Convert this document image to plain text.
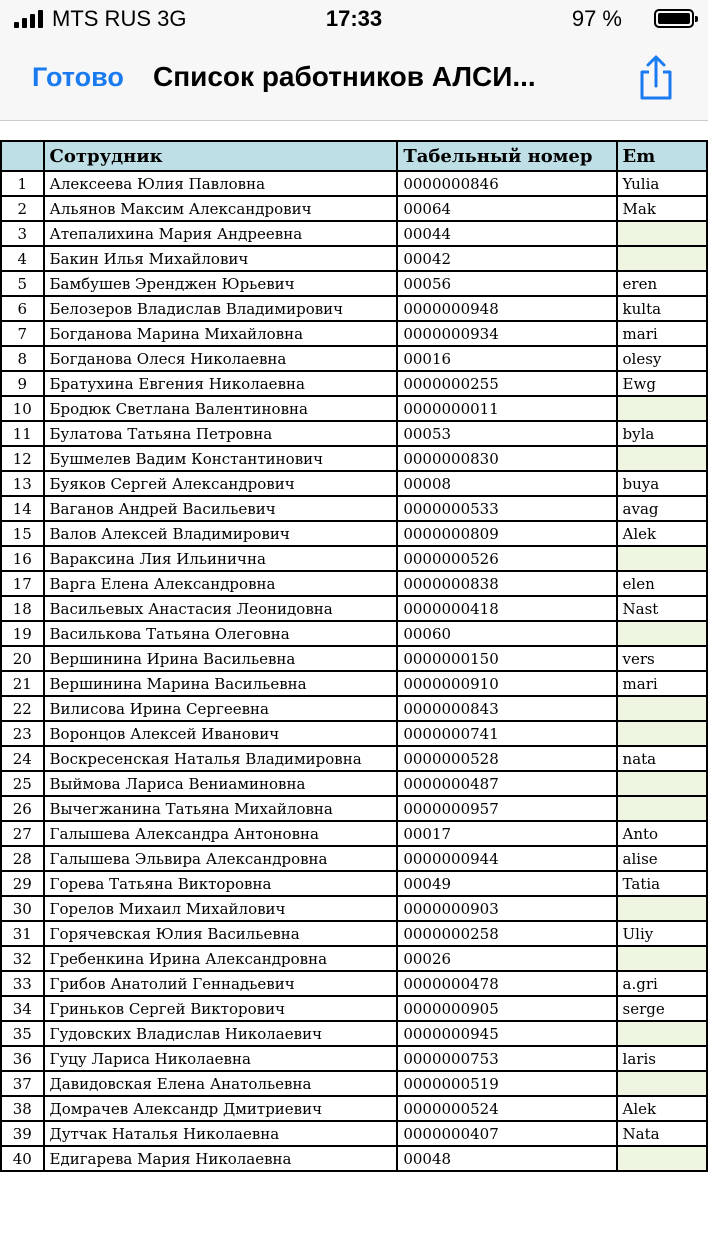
MTS RUS 3G	17:33	97 %
Готово Список работников АЛСИ...
	Сотрудник	Табельный номер	Em
1	Алексеева Юлия Павловна	0000000846	Yulia
2	Альянов Максим Александрович	00064	Mak
3	Атепалихина Мария Андреевна	00044	
4	Бакин Илья Михайлович	00042	
5	Бамбушев Эренджен Юрьевич	00056	eren
6	Белозеров Владислав Владимирович	0000000948	kulta
7	Богданова Марина Михайловна	0000000934	mari
8	Богданова Олеся Николаевна	00016	olesy
9	Братухина Евгения Николаевна	0000000255	Ewg
10	Бродюк Светлана Валентиновна	0000000011	
11	Булатова Татьяна Петровна	00053	byla
12	Бушмелев Вадим Константинович	0000000830	
13	Буяков Сергей Александрович	00008	buya
14	Ваганов Андрей Васильевич	0000000533	avag
15	Валов Алексей Владимирович	0000000809	Alek
16	Вараксина Лия Ильинична	0000000526	
17	Варга Елена Александровна	0000000838	elen
18	Васильевых Анастасия Леонидовна	0000000418	Nast
19	Василькова Татьяна Олеговна	00060	
20	Вершинина Ирина Васильевна	0000000150	vers
21	Вершинина Марина Васильевна	0000000910	mari
22	Вилисова Ирина Сергеевна	0000000843	
23	Воронцов Алексей Иванович	0000000741	
24	Воскресенская Наталья Владимировна	0000000528	nata
25	Выймова Лариса Вениаминовна	0000000487	
26	Вычегжанина Татьяна Михайловна	0000000957	
27	Галышева Александра Антоновна	00017	Anto
28	Галышева Эльвира Александровна	0000000944	alise
29	Горева Татьяна Викторовна	00049	Tatia
30	Горелов Михаил Михайлович	0000000903	
31	Горячевская Юлия Васильевна	0000000258	Uliy
32	Гребенкина Ирина Александровна	00026	
33	Грибов Анатолий Геннадьевич	0000000478	a.gri
34	Гриньков Сергей Викторович	0000000905	serge
35	Гудовских Владислав Николаевич	0000000945	
36	Гуцу Лариса Николаевна	0000000753	laris
37	Давидовская Елена Анатольевна	0000000519	
38	Домрачев Александр Дмитриевич	0000000524	Alek
39	Дутчак Наталья Николаевна	0000000407	Nata
40	Едигарева Мария Николаевна	00048	
